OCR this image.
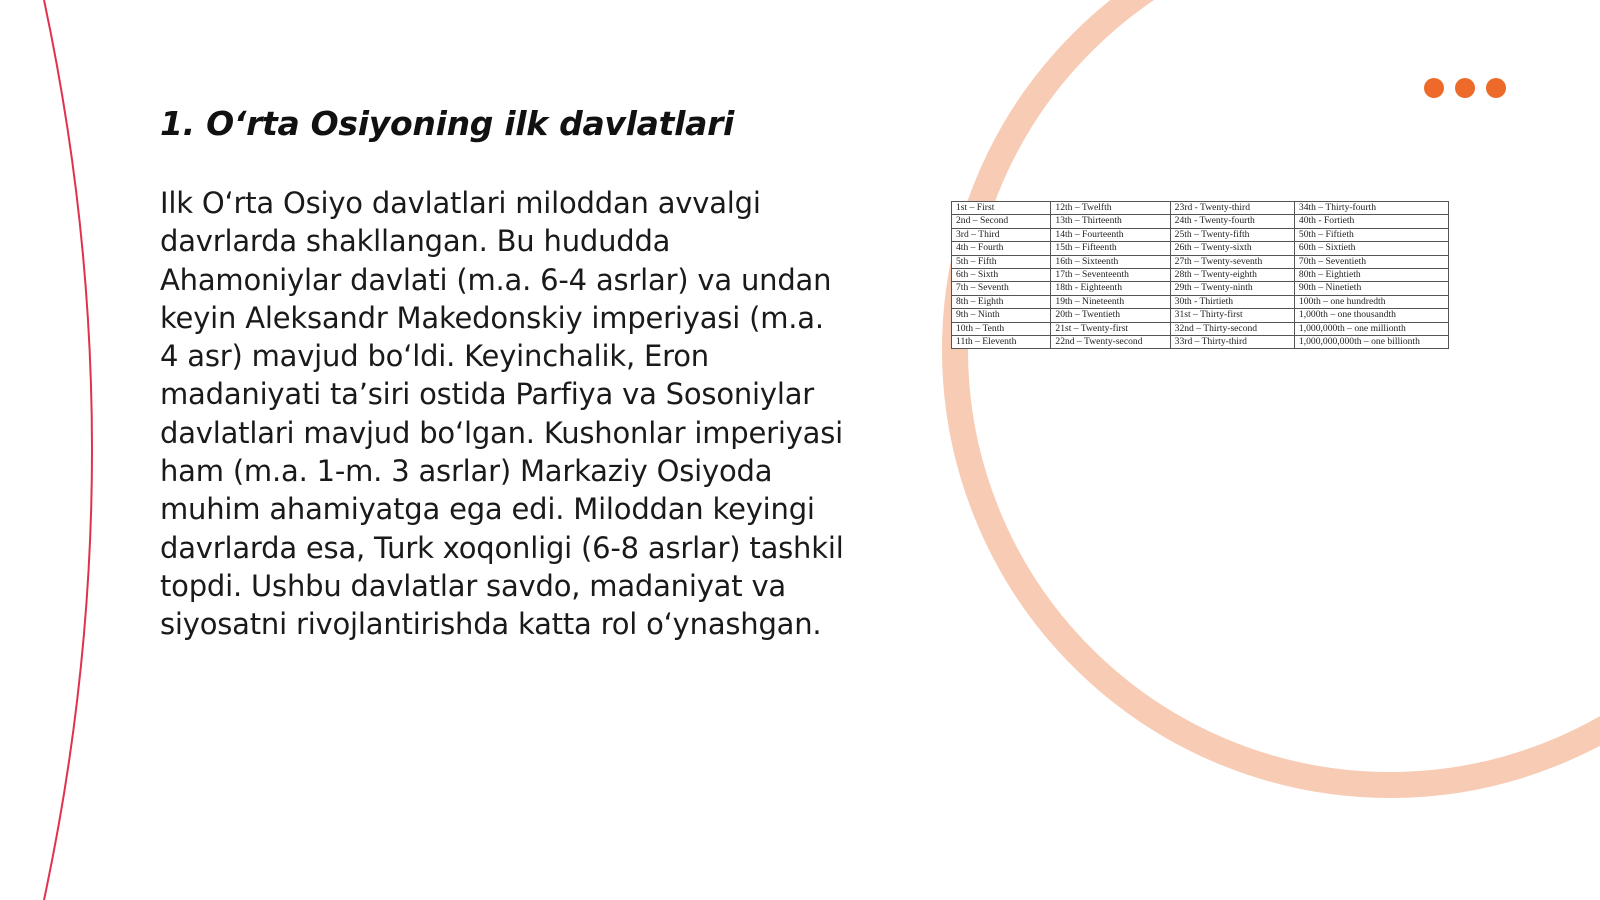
1. O‘rta Osiyoning ilk davlatlari

Ilk O‘rta Osiyo davlatlari miloddan avvalgi davrlarda shakllangan. Bu hududda Ahamoniylar davlati (m.a. 6-4 asrlar) va undan keyin Aleksandr Makedonskiy imperiyasi (m.a. 4 asr) mavjud bo‘ldi. Keyinchalik, Eron madaniyati ta’siri ostida Parfiya va Sosoniylar davlatlari mavjud bo‘lgan. Kushonlar imperiyasi ham (m.a. 1-m. 3 asrlar) Markaziy Osiyoda muhim ahamiyatga ega edi. Miloddan keyingi davrlarda esa, Turk xoqonligi (6-8 asrlar) tashkil topdi. Ushbu davlatlar savdo, madaniyat va siyosatni rivojlantirishda katta rol o‘ynashgan.

1st – First	12th – Twelfth	23rd - Twenty-third	34th – Thirty-fourth
2nd – Second	13th – Thirteenth	24th - Twenty-fourth	40th - Fortieth
3rd – Third	14th – Fourteenth	25th – Twenty-fifth	50th – Fiftieth
4th – Fourth	15th – Fifteenth	26th – Twenty-sixth	60th – Sixtieth
5th – Fifth	16th – Sixteenth	27th – Twenty-seventh	70th – Seventieth
6th – Sixth	17th – Seventeenth	28th – Twenty-eighth	80th – Eightieth
7th – Seventh	18th - Eighteenth	29th – Twenty-ninth	90th – Ninetieth
8th – Eighth	19th – Nineteenth	30th - Thirtieth	100th – one hundredth
9th – Ninth	20th – Twentieth	31st – Thirty-first	1,000th – one thousandth
10th – Tenth	21st – Twenty-first	32nd – Thirty-second	1,000,000th – one millionth
11th – Eleventh	22nd – Twenty-second	33rd – Thirty-third	1,000,000,000th – one billionth
